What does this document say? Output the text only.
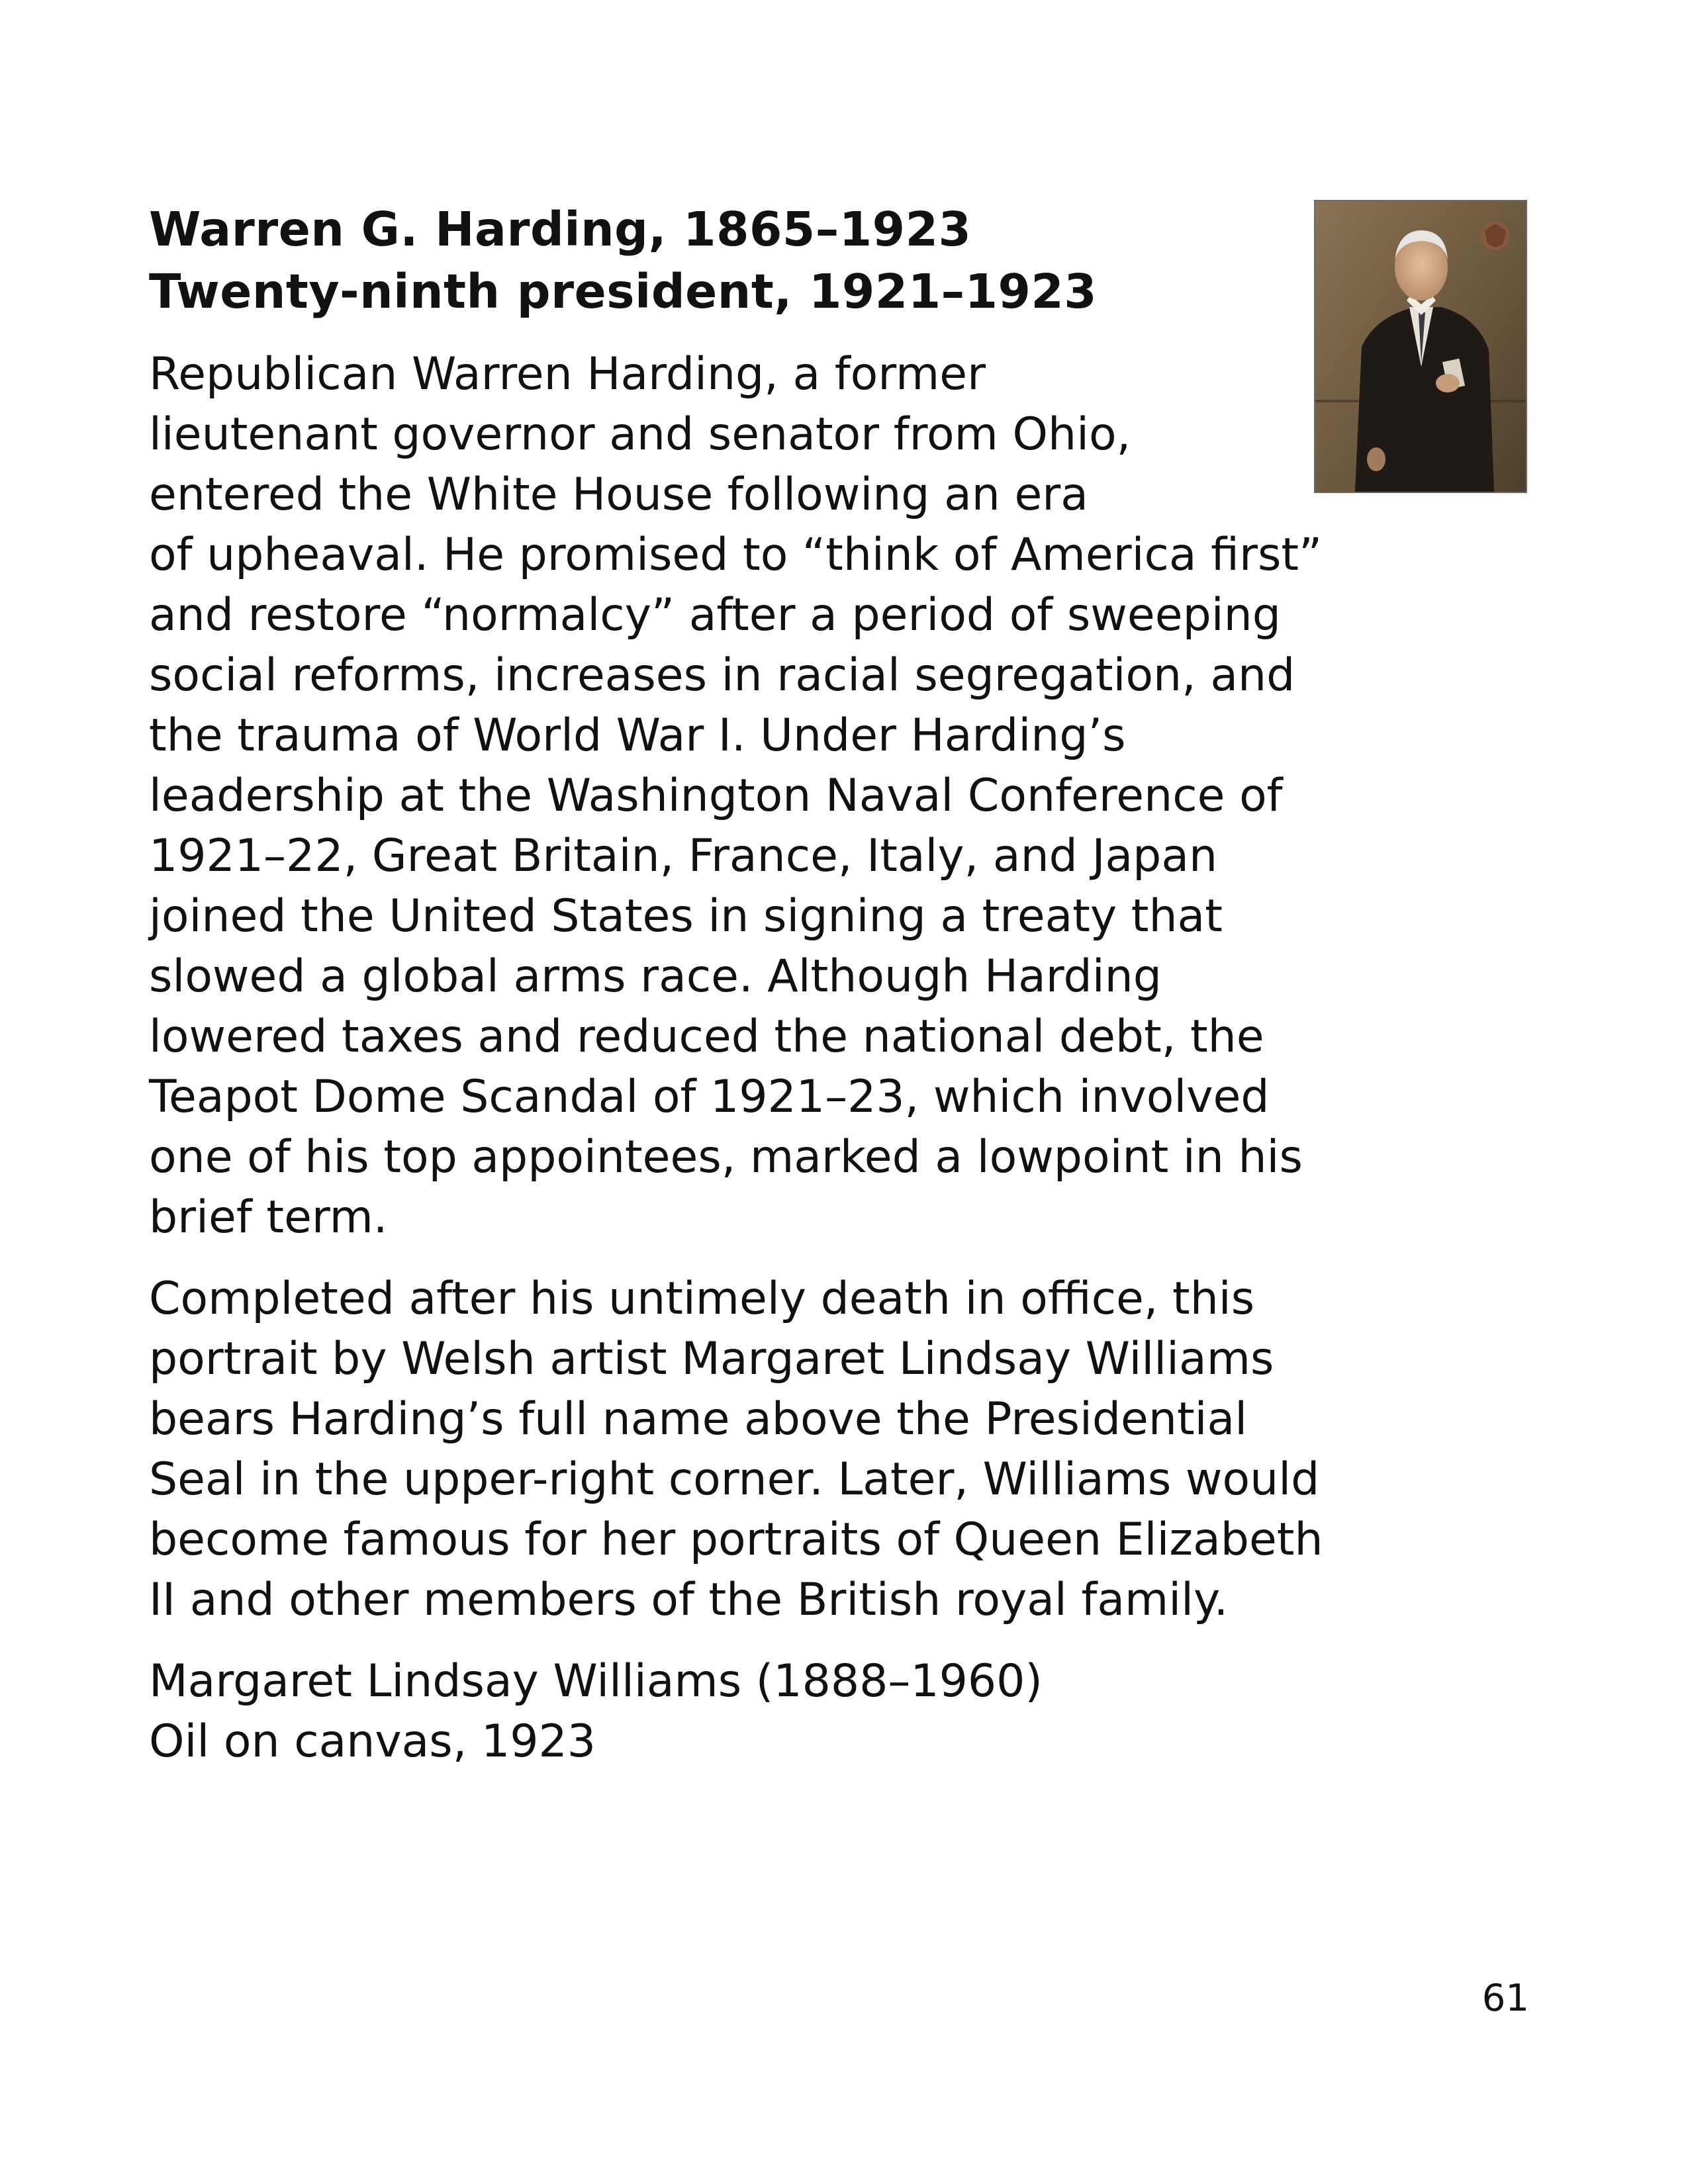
Warren G. Harding, 1865–1923
Twenty-ninth president, 1921–1923
Republican Warren Harding, a former
lieutenant governor and senator from Ohio,
entered the White House following an era
of upheaval. He promised to “think of America first”
and restore “normalcy” after a period of sweeping
social reforms, increases in racial segregation, and
the trauma of World War I. Under Harding’s
leadership at the Washington Naval Conference of
1921–22, Great Britain, France, Italy, and Japan
joined the United States in signing a treaty that
slowed a global arms race. Although Harding
lowered taxes and reduced the national debt, the
Teapot Dome Scandal of 1921–23, which involved
one of his top appointees, marked a lowpoint in his
brief term.
Completed after his untimely death in office, this
portrait by Welsh artist Margaret Lindsay Williams
bears Harding’s full name above the Presidential
Seal in the upper-right corner. Later, Williams would
become famous for her portraits of Queen Elizabeth
II and other members of the British royal family.
Margaret Lindsay Williams (1888–1960)
Oil on canvas, 1923
61
